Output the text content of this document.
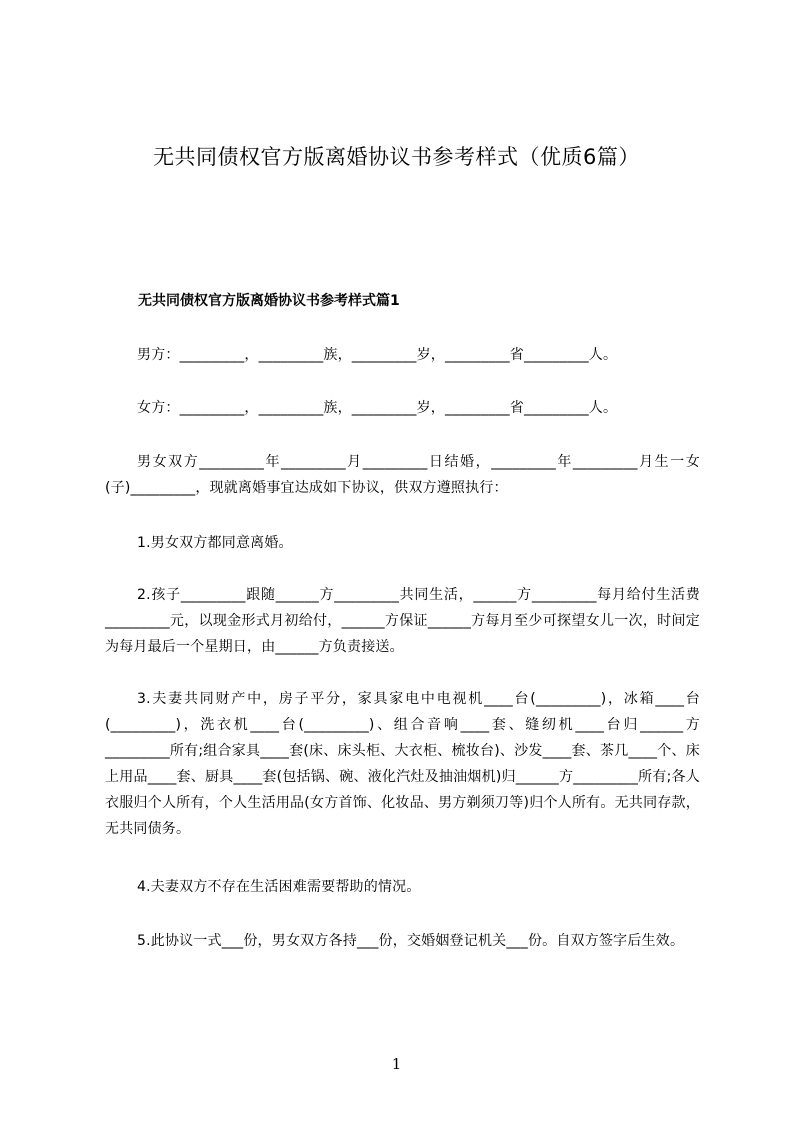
无共同债权官方版离婚协议书参考样式（优质6篇）
无共同债权官方版离婚协议书参考样式篇1
男方：_________，_________族，_________岁，_________省_________人。
女方：_________，_________族，_________岁，_________省_________人。
男女双方_________年_________月_________日结婚，_________年_________月生一女(子)_________，现就离婚事宜达成如下协议，供双方遵照执行：
1.男女双方都同意离婚。
2.孩子_________跟随______方_________共同生活，______方_________每月给付生活费_________元，以现金形式月初给付，______方保证______方每月至少可探望女儿一次，时间定为每月最后一个星期日，由______方负责接送。
3.夫妻共同财产中，房子平分，家具家电中电视机____台(_________)，冰箱____台(_________)，洗衣机____台(_________)、组合音响____套、缝纫机____台归______方_________所有;组合家具____套(床、床头柜、大衣柜、梳妆台)、沙发____套、茶几____个、床上用品____套、厨具____套(包括锅、碗、液化汽灶及抽油烟机)归______方_________所有;各人衣服归个人所有，个人生活用品(女方首饰、化妆品、男方剃须刀等)归个人所有。无共同存款，无共同债务。
4.夫妻双方不存在生活困难需要帮助的情况。
5.此协议一式___份，男女双方各持___份，交婚姻登记机关___份。自双方签字后生效。
1
